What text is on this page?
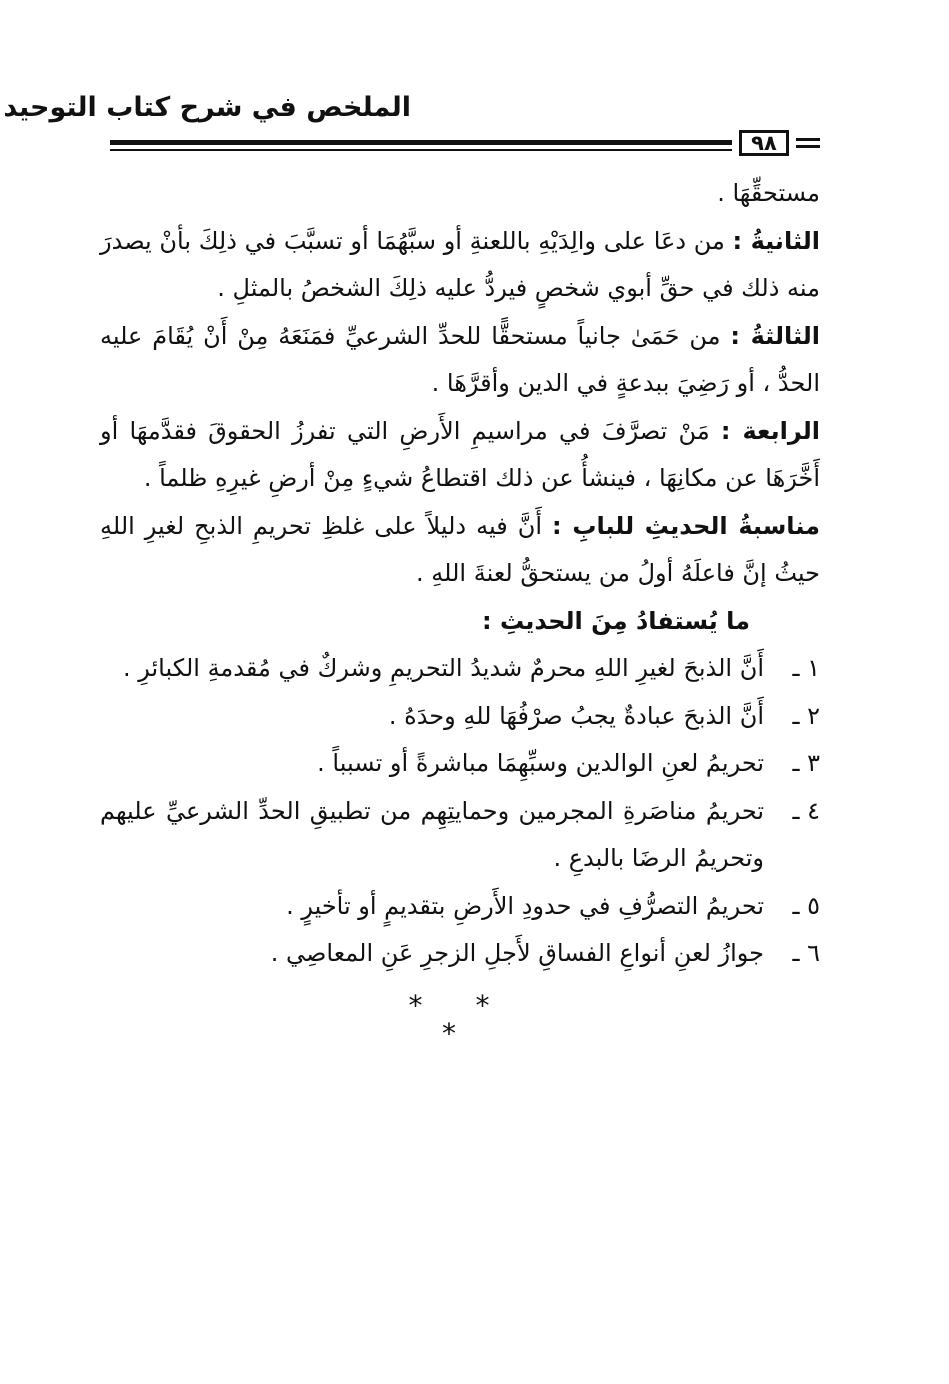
الملخص في شرح كتاب التوحيد
٩٨

مستحقِّهَا .

الثانيةُ : من دعَا على والِدَيْهِ باللعنةِ أو سبَّهُمَا أو تسبَّبَ في ذلِكَ بأنْ يصدرَ منه ذلك في حقِّ أبوي شخصٍ فيردُّ عليه ذلِكَ الشخصُ بالمثلِ .

الثالثةُ : من حَمَىٰ جانياً مستحقًّا للحدِّ الشرعيِّ فمَنَعَهُ مِنْ أَنْ يُقَامَ عليه الحدُّ ، أو رَضِيَ ببدعةٍ في الدين وأقرَّهَا .

الرابعة : مَنْ تصرَّفَ في مراسيمِ الأَرضِ التي تفرزُ الحقوقَ فقدَّمهَا أو أَخَّرَهَا عن مكانِهَا ، فينشأُ عن ذلك اقتطاعُ شيءٍ مِنْ أرضِ غيرِهِ ظلماً .

مناسبةُ الحديثِ للبابِ : أَنَّ فيه دليلاً على غلظِ تحريمِ الذبحِ لغيرِ اللهِ حيثُ إنَّ فاعلَهُ أولُ من يستحقُّ لعنةَ اللهِ .

ما يُستفادُ مِنَ الحديثِ :

١ ـ
أَنَّ الذبحَ لغيرِ اللهِ محرمٌ شديدُ التحريمِ وشركٌ في مُقدمةِ الكبائرِ .
٢ ـ
أَنَّ الذبحَ عبادةٌ يجبُ صرْفُهَا للهِ وحدَهُ .
٣ ـ
تحريمُ لعنِ الوالدين وسبِّهِمَا مباشرةً أو تسبباً .
٤ ـ
تحريمُ مناصَرةِ المجرمين وحمايتِهِم من تطبيقِ الحدِّ الشرعيِّ عليهم وتحريمُ الرضَا بالبدعِ .
٥ ـ
تحريمُ التصرُّفِ في حدودِ الأَرضِ بتقديمٍ أو تأخيرٍ .
٦ ـ
جوازُ لعنِ أنواعِ الفساقِ لأَجلِ الزجرِ عَنِ المعاصِي .
* * *
